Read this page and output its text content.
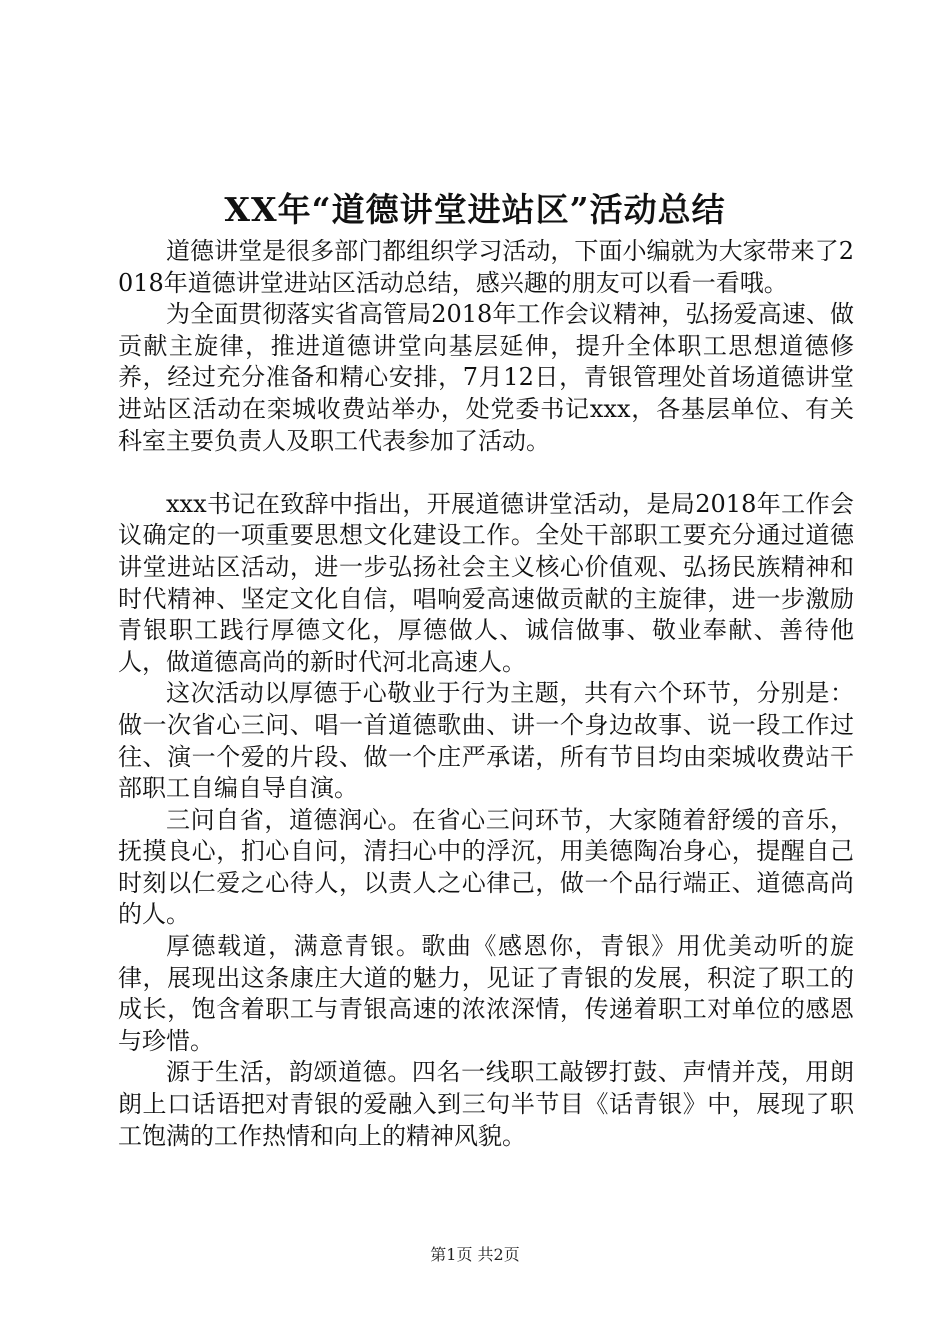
XX年“道德讲堂进站区”活动总结

道德讲堂是很多部门都组织学习活动，下面小编就为大家带来了2018年道德讲堂进站区活动总结，感兴趣的朋友可以看一看哦。

为全面贯彻落实省高管局2018年工作会议精神，弘扬爱高速、做贡献主旋律，推进道德讲堂向基层延伸，提升全体职工思想道德修养，经过充分准备和精心安排，7月12日，青银管理处首场道德讲堂进站区活动在栾城收费站举办，处党委书记xxx，各基层单位、有关科室主要负责人及职工代表参加了活动。

xxx书记在致辞中指出，开展道德讲堂活动，是局2018年工作会议确定的一项重要思想文化建设工作。全处干部职工要充分通过道德讲堂进站区活动，进一步弘扬社会主义核心价值观、弘扬民族精神和时代精神、坚定文化自信，唱响爱高速做贡献的主旋律，进一步激励青银职工践行厚德文化，厚德做人、诚信做事、敬业奉献、善待他人，做道德高尚的新时代河北高速人。

这次活动以厚德于心敬业于行为主题，共有六个环节，分别是：做一次省心三问、唱一首道德歌曲、讲一个身边故事、说一段工作过往、演一个爱的片段、做一个庄严承诺，所有节目均由栾城收费站干部职工自编自导自演。

三问自省，道德润心。在省心三问环节，大家随着舒缓的音乐，抚摸良心，扪心自问，清扫心中的浮沉，用美德陶冶身心，提醒自己时刻以仁爱之心待人，以责人之心律己，做一个品行端正、道德高尚的人。

厚德载道，满意青银。歌曲《感恩你，青银》用优美动听的旋律，展现出这条康庄大道的魅力，见证了青银的发展，积淀了职工的成长，饱含着职工与青银高速的浓浓深情，传递着职工对单位的感恩与珍惜。

源于生活，韵颂道德。四名一线职工敲锣打鼓、声情并茂，用朗朗上口话语把对青银的爱融入到三句半节目《话青银》中，展现了职工饱满的工作热情和向上的精神风貌。

第1页 共2页
